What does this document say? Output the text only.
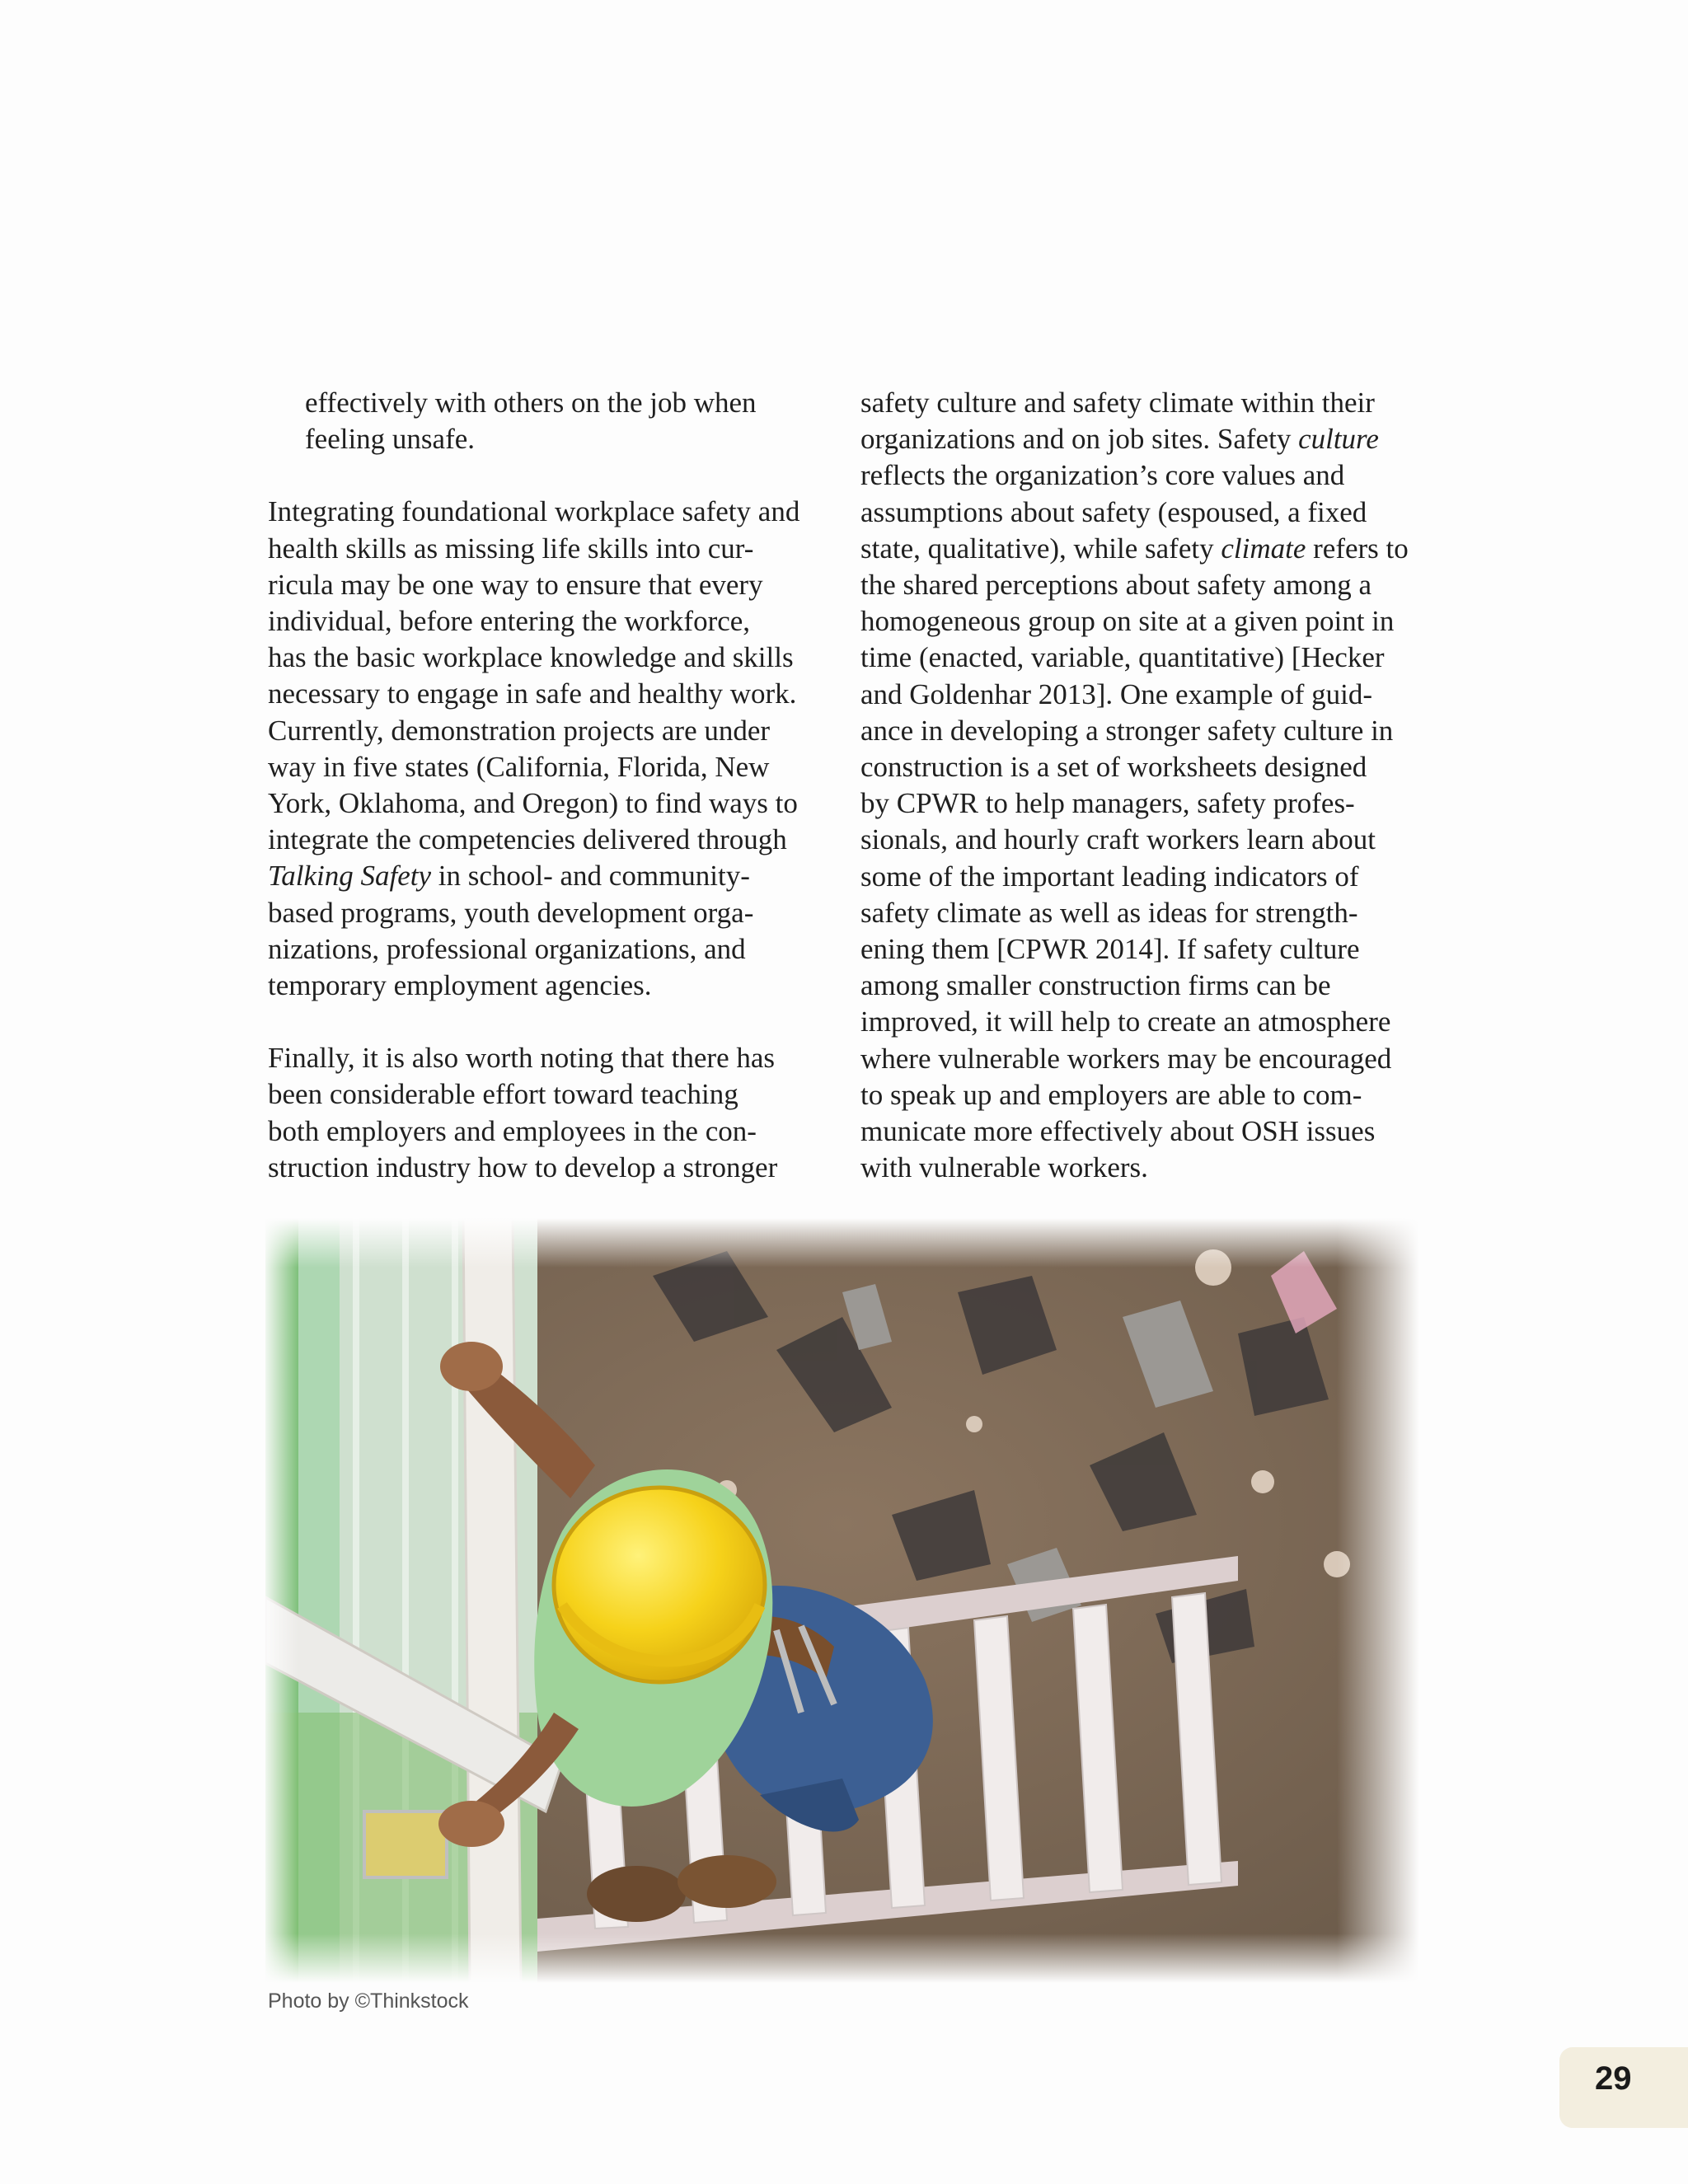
effectively with others on the job when

feeling unsafe.

Integrating foundational workplace safety and

health skills as missing life skills into cur-

ricula may be one way to ensure that every

individual, before entering the workforce,

has the basic workplace knowledge and skills

necessary to engage in safe and healthy work.

Currently, demonstration projects are under

way in five states (California, Florida, New

York, Oklahoma, and Oregon) to find ways to

integrate the competencies delivered through

Talking Safety in school- and community-

based programs, youth development orga-

nizations, professional organizations, and

temporary employment agencies.

Finally, it is also worth noting that there has

been considerable effort toward teaching

both employers and employees in the con-

struction industry how to develop a stronger

safety culture and safety climate within their

organizations and on job sites. Safety culture

reflects the organization’s core values and

assumptions about safety (espoused, a fixed

state, qualitative), while safety climate refers to

the shared perceptions about safety among a

homogeneous group on site at a given point in

time (enacted, variable, quantitative) [Hecker

and Goldenhar 2013]. One example of guid-

ance in developing a stronger safety culture in

construction is a set of worksheets designed

by CPWR to help managers, safety profes-

sionals, and hourly craft workers learn about

some of the important leading indicators of

safety climate as well as ideas for strength-

ening them [CPWR 2014]. If safety culture

among smaller construction firms can be

improved, it will help to create an atmosphere

where vulnerable workers may be encouraged

to speak up and employers are able to com-

municate more effectively about OSH issues

with vulnerable workers.

Photo by ©Thinkstock
29
